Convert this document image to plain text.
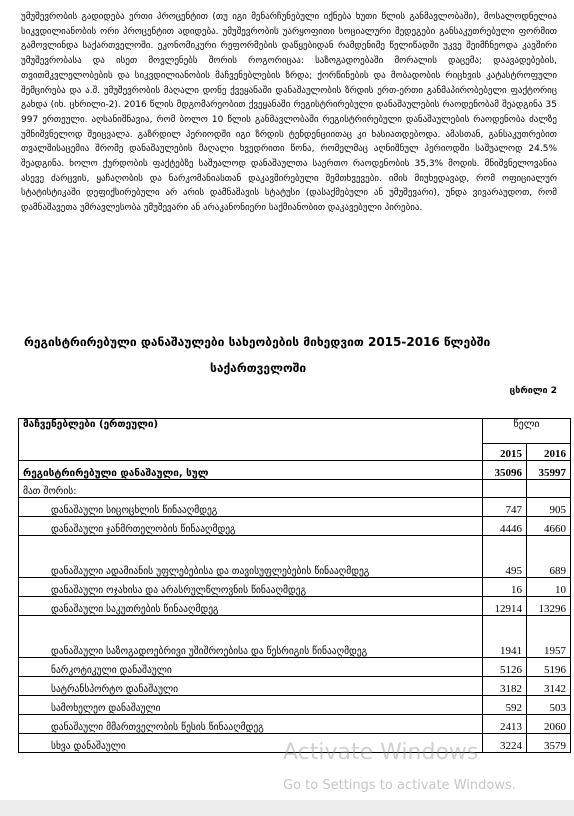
უმუშევრობის გადიდება ერთი პროცენტით (თუ იგი მენარჩუნებული იქნება ხუთი წლის განმავლობაში), მოსალოდნელია სიკვდილიანობის ორი პროცენტით ადიდება. უმუშევრობის უარყოფითი სოციალური შედეგები განსაკუთრებული ფორმით გამოვლინდა საქართველოში. ეკონომიკური რეფორმების დაწყებიდან რამდენიმე წელიწადში უკვე შეიმჩნეოდა კავშირი უმუშევრობასა და ისეთ მოვლენებს შორის როგორიცაა: საზოგადოებაში მორალის დაცემა; დაავადებების, თვითმკვლელობების და სიკვდილიანობის მაჩვენებლების ზრდა; ქორწინების და მობადობის რიცხვის კატასტროფული შემცირება და ა.შ. უმუშევრობის მაღალი დონე ქვეყანაში დანაშაულობის ზრდის ერთ-ერთი განმაპირობებელი ფაქტორიც გახდა (იხ. ცხრილი-2). 2016 წლის მდგომარეობით ქვეყანაში რეგისტრირებული დანაშაულების რაოდენობამ შეადგინა 35 997 ერთეული. აღსანიშნავია, რომ ბოლო 10 წლის განმავლობაში რეგისტრირებული დანაშაულების რაოდენობა ძალზე უმნიშვნელოდ შეიცვალა. გაზრდილ პერიოდში იგი ზრდის ტენდენციითაც კი ხასიათდებოდა. ამასთან, განსაკუთრებით თვალშისაცემია შრომე დანაშაულების მაღალი ხვედრითი წონა, რომელმაც აღნიშნულ პერიოდში საშუალოდ 24.5% შეადგინა. ხოლო ქურდობის ფაქტებზე საშუალოდ დანაშაულთა საერთო რაოდენობის 35,3% მოდის. მნიშვნელოვანია ასევე ძარცვის, ყაჩაღობის და ნარკომანიასთან დაკავშირებული შემთხვევები. იმის მიუხედავად, რომ ოფიციალურ სტატისტიკაში დეფიქსირებული არ არის დამნაშავის სტატუსი (დასაქმებული ან უმუშევარი), უნდა ვივარაუდოთ, რომ დამნაშავეთა უმრავლესობა უმუშევარი ან არაკანონიერი საქმიანობით დაკავებული პირებია.

რეგისტრირებული დანაშაულები სახეობების მიხედვით 2015-2016 წლებში

საქართველოში

ცხრილი 2
მაჩვენებლები (ერთეული)	წელი	
	2015	2016
რეგისტრირებული დანაშაული, სულ	35096	35997
მათ შორის:		
დანაშაული სიცოცხლის წინააღმდეგ	747	905
დანაშაული ჯანმრთელობის წინააღმდეგ	4446	4660
დანაშაული ადამიანის უფლებებისა და თავისუფლებების წინააღმდეგ	495	689
დანაშაული ოჯახისა და არასრულწლოვნის წინააღმდეგ	16	10
დანაშაული საკუთრების წინააღმდეგ	12914	13296
დანაშაული საზოგადოებრივი უშიშროებისა და წესრიგის წინააღმდეგ	1941	1957
ნარკოტიკული დანაშაული	5126	5196
სატრანსპორტო დანაშაული	3182	3142
სამოხელეო დანაშაული	592	503
დანაშაული მმართველობის წესის წინააღმდეგ	2413	2060
სხვა დანაშაული	3224	3579
Activate Windows
Go to Settings to activate Windows.
